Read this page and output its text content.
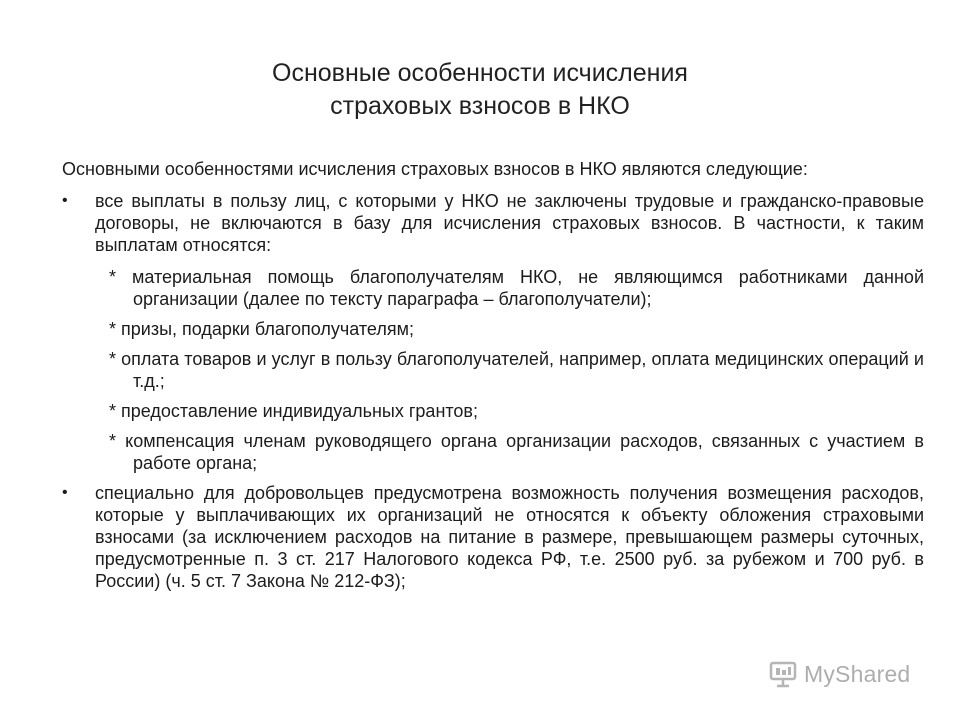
Основные особенности исчисления
страховых взносов в НКО

Основными особенностями исчисления страховых взносов в НКО являются следующие:

•	все выплаты в пользу лиц, с которыми у НКО не заключены трудовые и гражданско-правовые договоры, не включаются в базу для исчисления страховых взносов. В частности, к таким выплатам относятся:

* материальная помощь благополучателям НКО, не являющимся работниками данной организации (далее по тексту параграфа – благополучатели);

* призы, подарки благополучателям;

* оплата товаров и услуг в пользу благополучателей, например, оплата медицинских операций и т.д.;

* предоставление индивидуальных грантов;

* компенсация членам руководящего органа организации расходов, связанных с участием в работе органа;

•	специально для добровольцев предусмотрена возможность получения возмещения расходов, которые у выплачивающих их организаций не относятся к объекту обложения страховыми взносами (за исключением расходов на питание в размере, превышающем размеры суточных, предусмотренные п. 3 ст. 217 Налогового кодекса РФ, т.е. 2500 руб. за рубежом и 700 руб. в России) (ч. 5 ст. 7 Закона № 212-ФЗ);

MyShared
